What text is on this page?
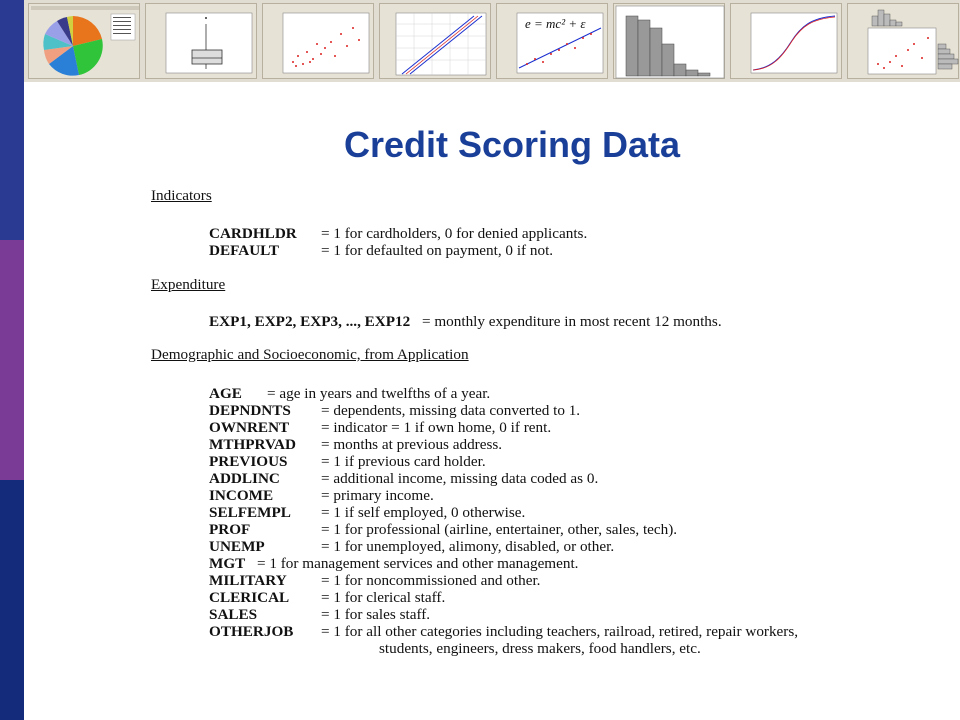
e = mc² + ε
Credit Scoring Data
Indicators
CARDHLDR = 1 for cardholders, 0 for denied applicants.
DEFAULT	= 1 for defaulted on payment, 0 if not.
Expenditure
EXP1, EXP2, EXP3, ..., EXP12 = monthly expenditure in most recent 12 months.
Demographic and Socioeconomic, from Application
AGE = age in years and twelfths of a year.
DEPNDNTS = dependents, missing data converted to 1.
OWNRENT = indicator = 1 if own home, 0 if rent.
MTHPRVAD = months at previous address.
PREVIOUS = 1 if previous card holder.
ADDLINC	= additional income, missing data coded as 0.
INCOME	= primary income.
SELFEMPL = 1 if self employed, 0 otherwise.
PROF	= 1 for professional (airline, entertainer, other, sales, tech).
UNEMP	= 1 for unemployed, alimony, disabled, or other.
MGT = 1 for management services and other management.
MILITARY = 1 for noncommissioned and other.
CLERICAL = 1 for clerical staff.
SALES	= 1 for sales staff.
OTHERJOB = 1 for all other categories including teachers, railroad, retired, repair workers,
students, engineers, dress makers, food handlers, etc.
